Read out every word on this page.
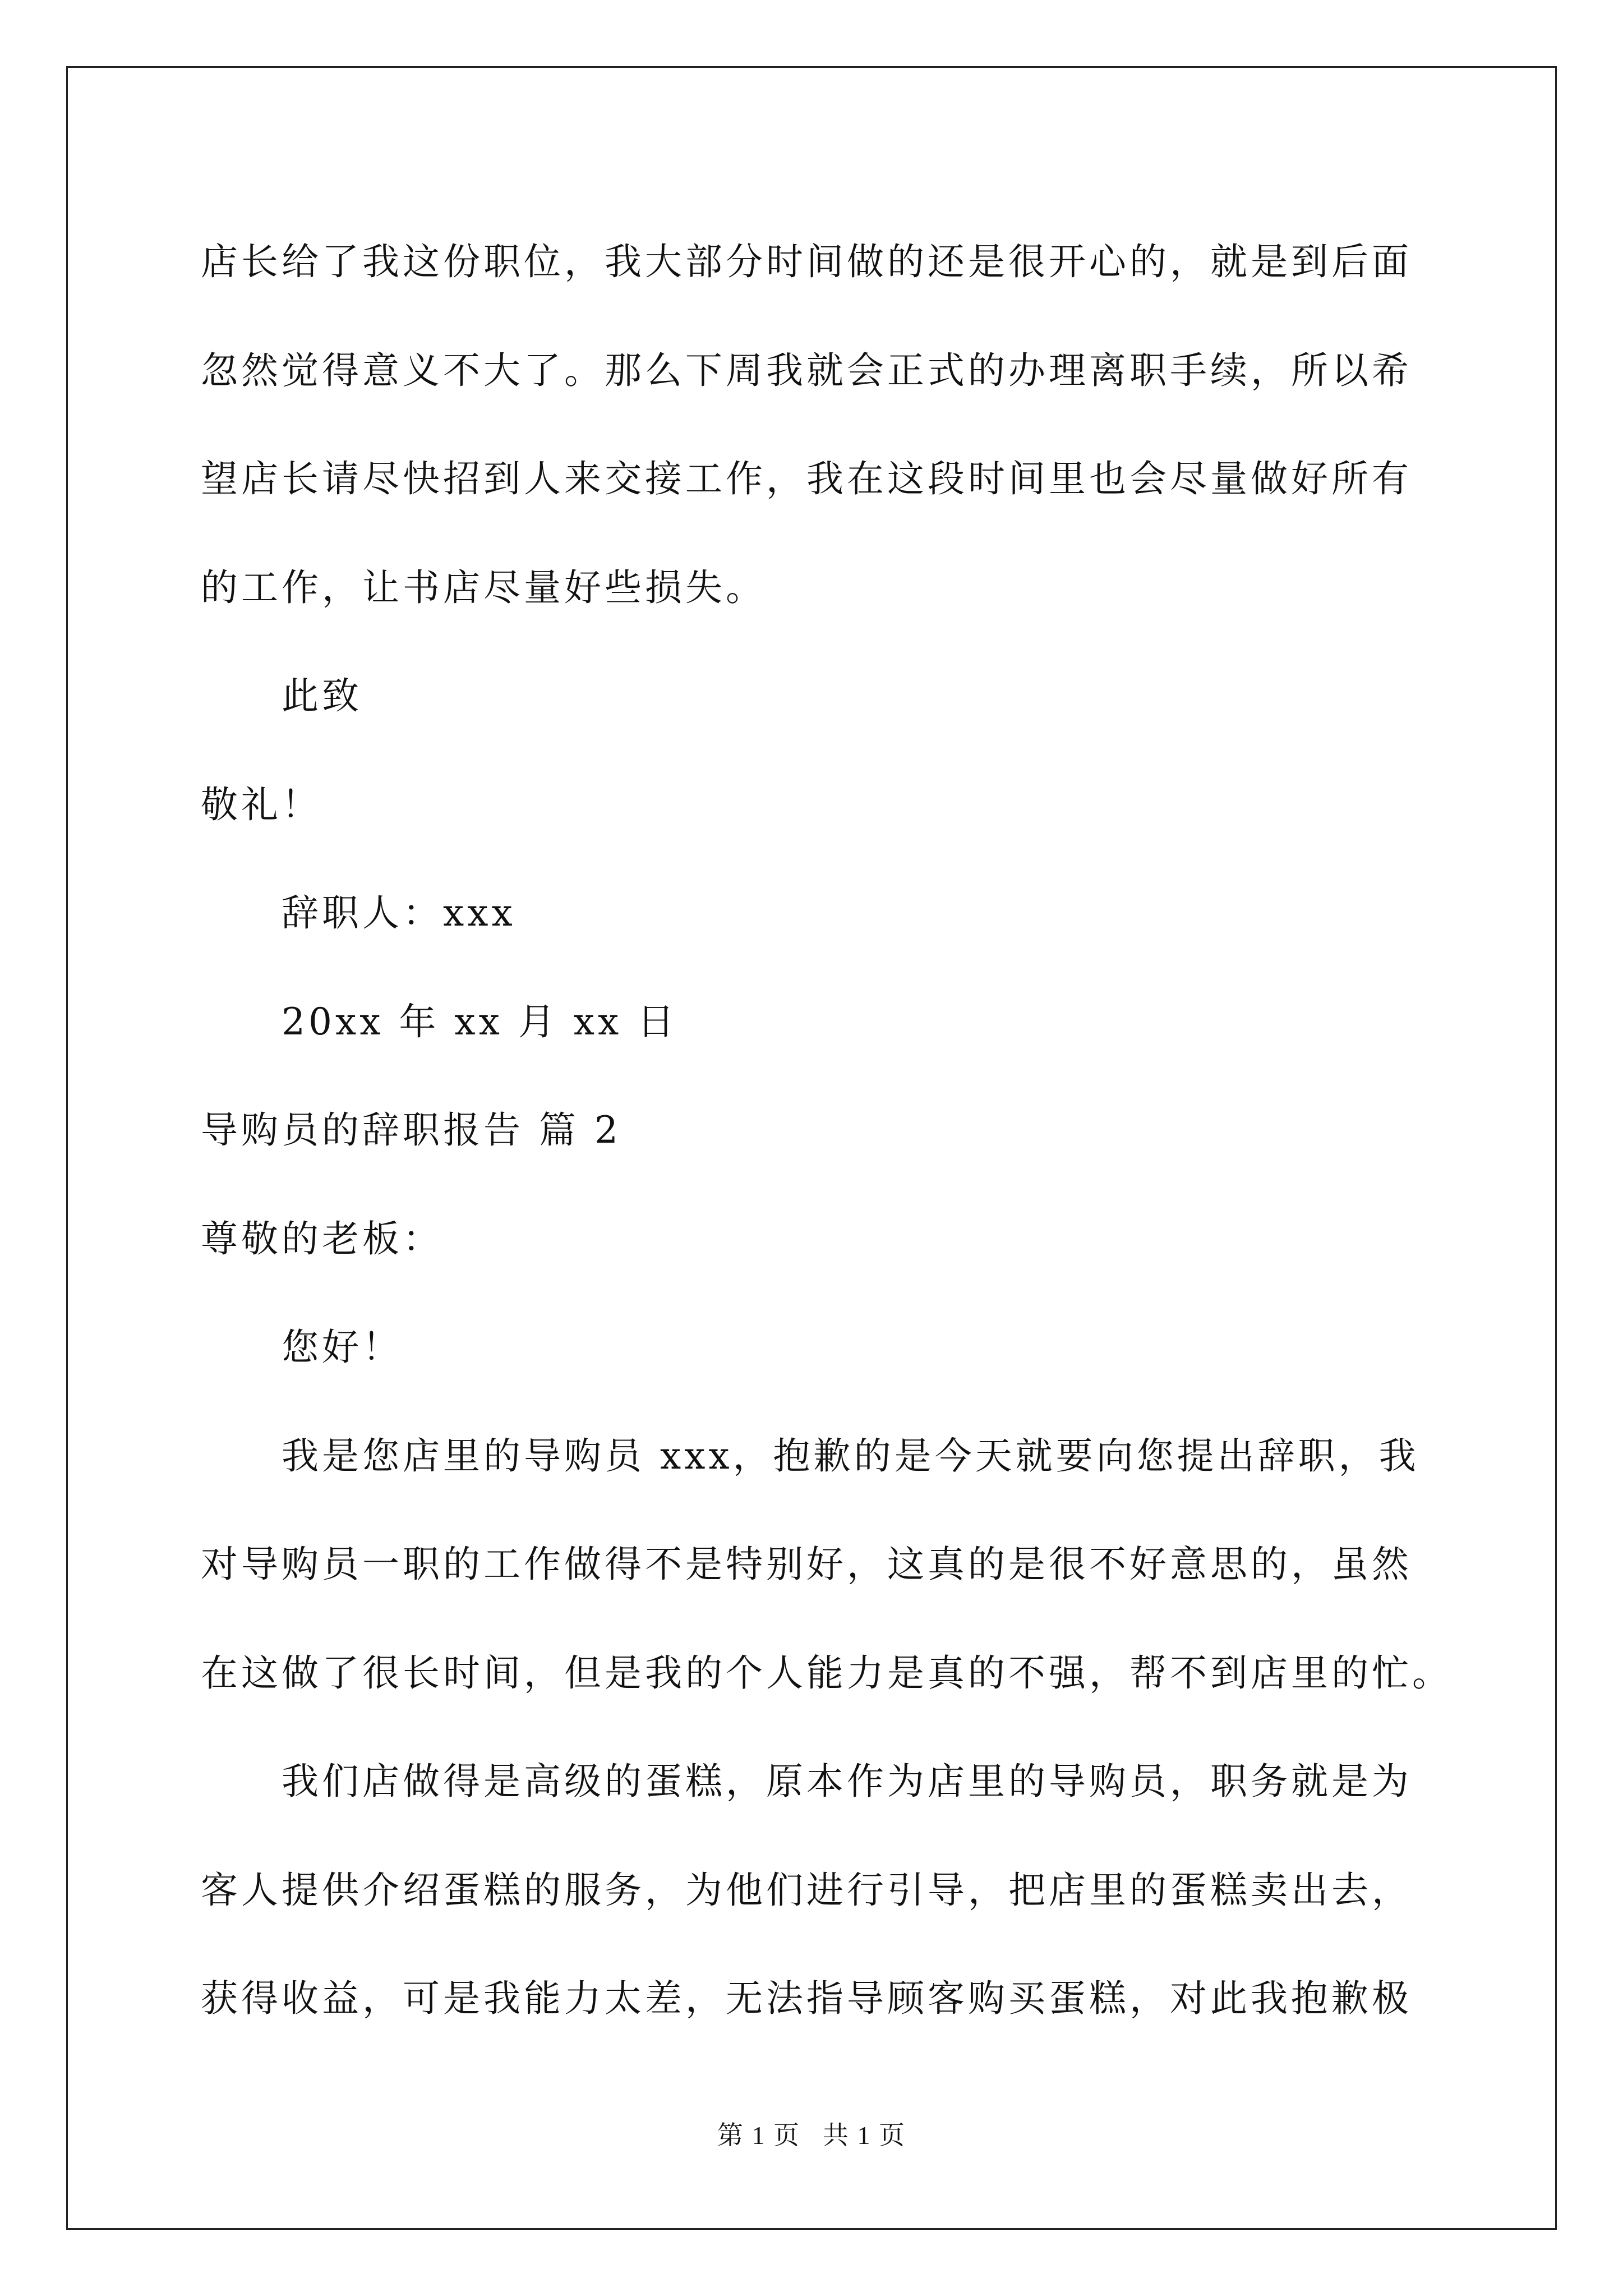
店长给了我这份职位，我大部分时间做的还是很开心的，就是到后面
忽然觉得意义不大了。那么下周我就会正式的办理离职手续，所以希
望店长请尽快招到人来交接工作，我在这段时间里也会尽量做好所有
的工作，让书店尽量好些损失。
此致
敬礼！
辞职人：xxx
20xx 年 xx 月 xx 日
导购员的辞职报告 篇 2
尊敬的老板：
您好！
我是您店里的导购员 xxx，抱歉的是今天就要向您提出辞职，我
对导购员一职的工作做得不是特别好，这真的是很不好意思的，虽然
在这做了很长时间，但是我的个人能力是真的不强，帮不到店里的忙。
我们店做得是高级的蛋糕，原本作为店里的导购员，职务就是为
客人提供介绍蛋糕的服务，为他们进行引导，把店里的蛋糕卖出去，
获得收益，可是我能力太差，无法指导顾客购买蛋糕，对此我抱歉极
第 1 页 共 1 页
